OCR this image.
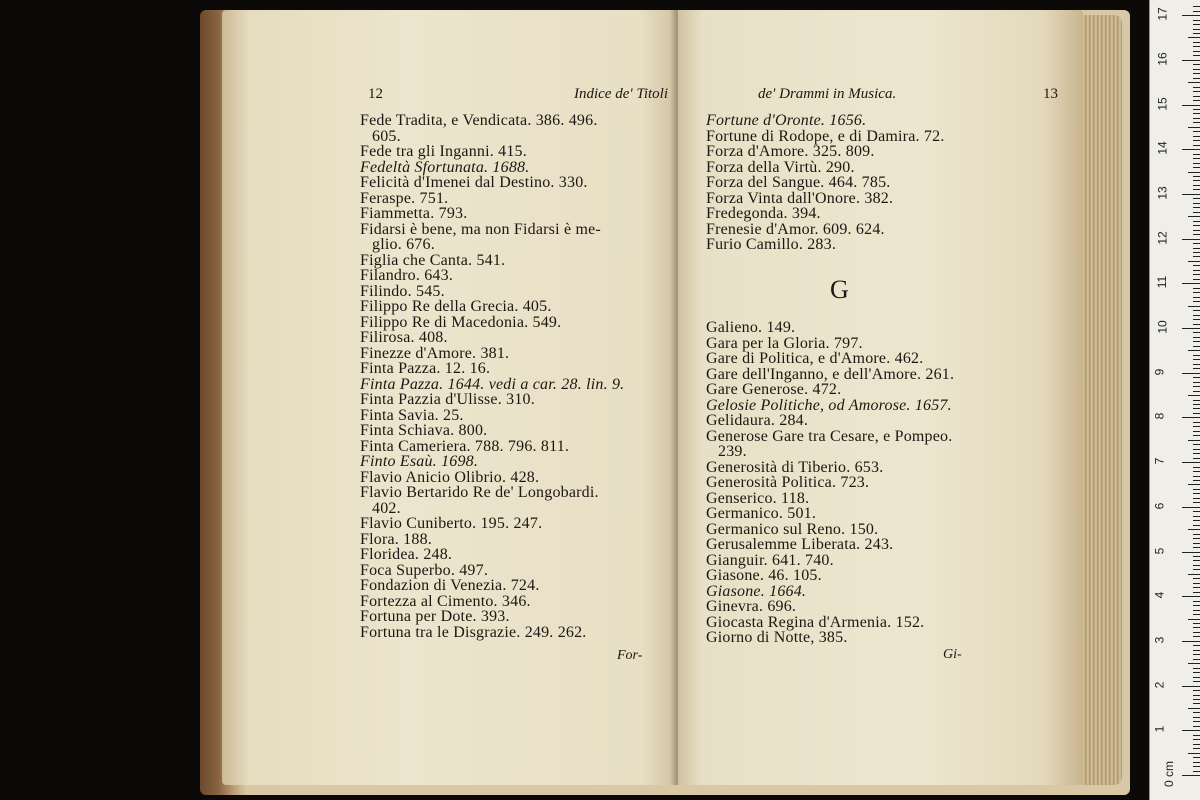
12	Indice de' Titoli
Fede Tradita, e Vendicata. 386. 496.
605.
Fede tra gli Inganni. 415.
Fedeltà Sfortunata. 1688.
Felicità d'Imenei dal Destino. 330.
Feraspe. 751.
Fiammetta. 793.
Fidarsi è bene, ma non Fidarsi è me-
glio. 676.
Figlia che Canta. 541.
Filandro. 643.
Filindo. 545.
Filippo Re della Grecia. 405.
Filippo Re di Macedonia. 549.
Filirosa. 408.
Finezze d'Amore. 381.
Finta Pazza. 12. 16.
Finta Pazza. 1644. vedi a car. 28. lin. 9.
Finta Pazzia d'Ulisse. 310.
Finta Savia. 25.
Finta Schiava. 800.
Finta Cameriera. 788. 796. 811.
Finto Esaù. 1698.
Flavio Anicio Olibrio. 428.
Flavio Bertarido Re de' Longobardi.
402.
Flavio Cuniberto. 195. 247.
Flora. 188.
Floridea. 248.
Foca Superbo. 497.
Fondazion di Venezia. 724.
Fortezza al Cimento. 346.
Fortuna per Dote. 393.
Fortuna tra le Disgrazie. 249. 262.
For-
de' Drammi in Musica.	13
Fortune d'Oronte. 1656.
Fortune di Rodope, e di Damira. 72.
Forza d'Amore. 325. 809.
Forza della Virtù. 290.
Forza del Sangue. 464. 785.
Forza Vinta dall'Onore. 382.
Fredegonda. 394.
Frenesie d'Amor. 609. 624.
Furio Camillo. 283.
G
Galieno. 149.
Gara per la Gloria. 797.
Gare di Politica, e d'Amore. 462.
Gare dell'Inganno, e dell'Amore. 261.
Gare Generose. 472.
Gelosie Politiche, od Amorose. 1657.
Gelidaura. 284.
Generose Gare tra Cesare, e Pompeo.
239.
Generosità di Tiberio. 653.
Generosità Politica. 723.
Genserico. 118.
Germanico. 501.
Germanico sul Reno. 150.
Gerusalemme Liberata. 243.
Gianguir. 641. 740.
Giasone. 46. 105.
Giasone. 1664.
Ginevra. 696.
Giocasta Regina d'Armenia. 152.
Giorno di Notte, 385.
Gi-
0 cm
1
2
3
4
5
6
7
8
9
10
11
12
13
14
15
16
17
